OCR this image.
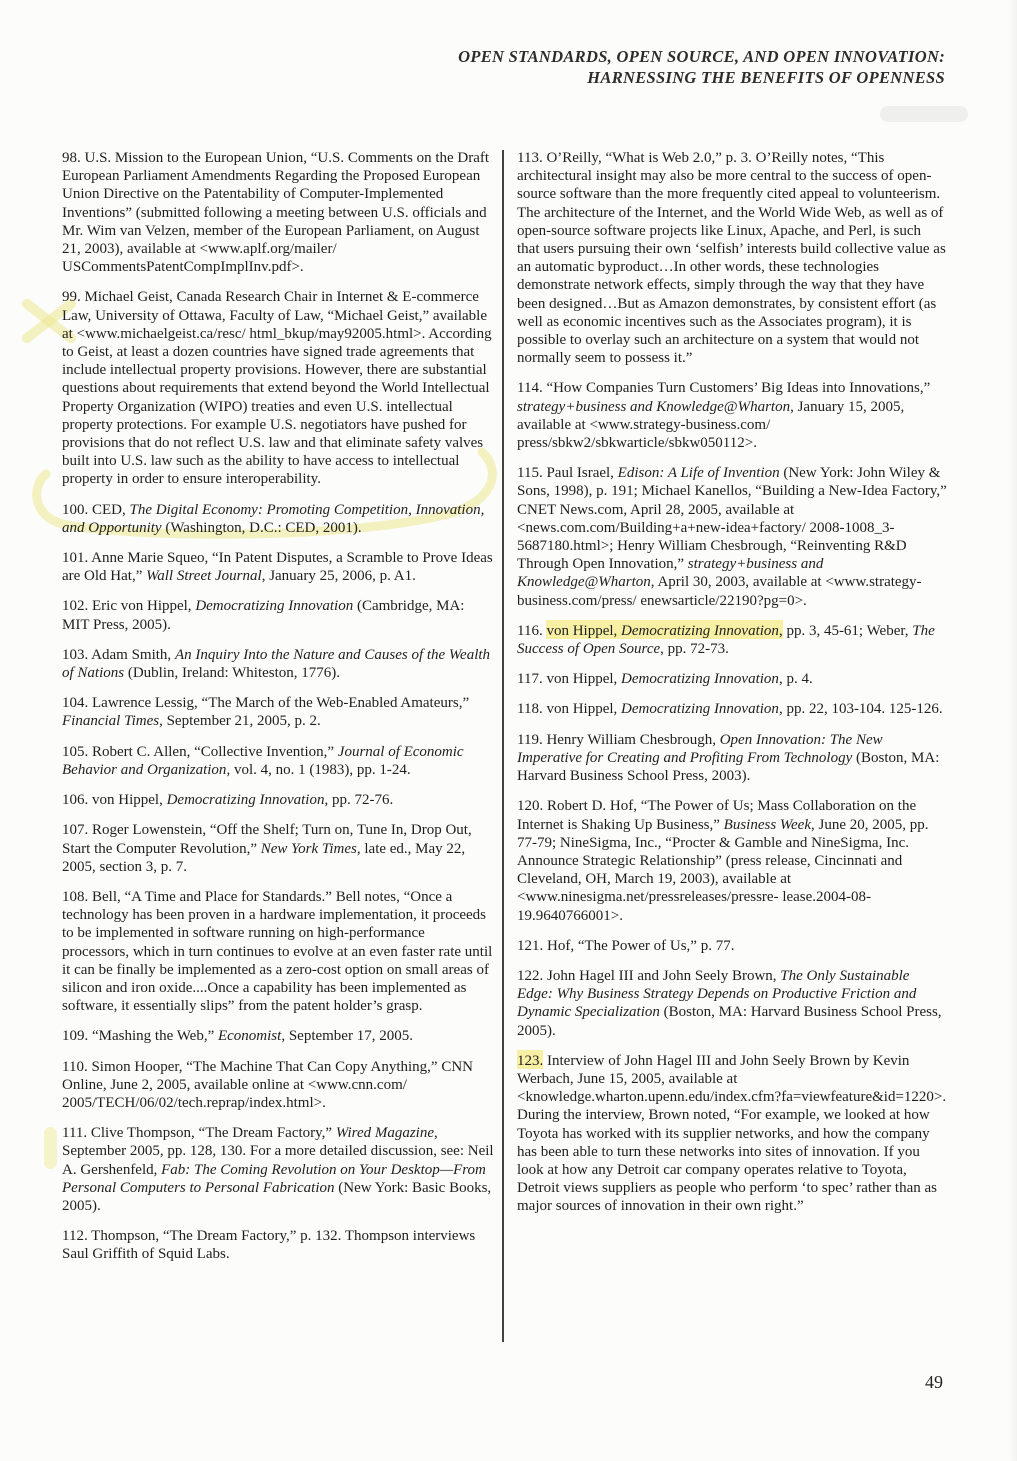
OPEN STANDARDS, OPEN SOURCE, AND OPEN INNOVATION:
HARNESSING THE BENEFITS OF OPENNESS
98. U.S. Mission to the European Union, “U.S. Comments on the Draft European Parliament Amendments Regarding the Proposed European Union Directive on the Patentability of Computer-Implemented Inventions” (submitted following a meeting between U.S. officials and Mr. Wim van Velzen, member of the European Parliament, on August 21, 2003), available at <www.aplf.org/mailer/ USCommentsPatentCompImplInv.pdf>.
99. Michael Geist, Canada Research Chair in Internet & E-commerce Law, University of Ottawa, Faculty of Law, “Michael Geist,” available at <www.michaelgeist.ca/resc/ html_bkup/may92005.html>. According to Geist, at least a dozen countries have signed trade agreements that include intellectual property provisions. However, there are substantial questions about requirements that extend beyond the World Intellectual Property Organization (WIPO) treaties and even U.S. intellectual property protections. For example U.S. negotiators have pushed for provisions that do not reflect U.S. law and that eliminate safety valves built into U.S. law such as the ability to have access to intellectual property in order to ensure interoperability.
100. CED, The Digital Economy: Promoting Competition, Innovation, and Opportunity (Washington, D.C.: CED, 2001).
101. Anne Marie Squeo, “In Patent Disputes, a Scramble to Prove Ideas are Old Hat,” Wall Street Journal, January 25, 2006, p. A1.
102. Eric von Hippel, Democratizing Innovation (Cambridge, MA: MIT Press, 2005).
103. Adam Smith, An Inquiry Into the Nature and Causes of the Wealth of Nations (Dublin, Ireland: Whiteston, 1776).
104. Lawrence Lessig, “The March of the Web-Enabled Amateurs,” Financial Times, September 21, 2005, p. 2.
105. Robert C. Allen, “Collective Invention,” Journal of Economic Behavior and Organization, vol. 4, no. 1 (1983), pp. 1-24.
106. von Hippel, Democratizing Innovation, pp. 72-76.
107. Roger Lowenstein, “Off the Shelf; Turn on, Tune In, Drop Out, Start the Computer Revolution,” New York Times, late ed., May 22, 2005, section 3, p. 7.
108. Bell, “A Time and Place for Standards.” Bell notes, “Once a technology has been proven in a hardware implementation, it proceeds to be implemented in software running on high-performance processors, which in turn continues to evolve at an even faster rate until it can be finally be implemented as a zero-cost option on small areas of silicon and iron oxide....Once a capability has been implemented as software, it essentially slips” from the patent holder’s grasp.
109. “Mashing the Web,” Economist, September 17, 2005.
110. Simon Hooper, “The Machine That Can Copy Anything,” CNN Online, June 2, 2005, available online at <www.cnn.com/ 2005/TECH/06/02/tech.reprap/index.html>.
111. Clive Thompson, “The Dream Factory,” Wired Magazine, September 2005, pp. 128, 130. For a more detailed discussion, see: Neil A. Gershenfeld, Fab: The Coming Revolution on Your Desktop—From Personal Computers to Personal Fabrication (New York: Basic Books, 2005).
112. Thompson, “The Dream Factory,” p. 132. Thompson interviews Saul Griffith of Squid Labs.
113. O’Reilly, “What is Web 2.0,” p. 3. O’Reilly notes, “This architectural insight may also be more central to the success of open-source software than the more frequently cited appeal to volunteerism. The architecture of the Internet, and the World Wide Web, as well as of open-source software projects like Linux, Apache, and Perl, is such that users pursuing their own ‘selfish’ interests build collective value as an automatic byproduct…In other words, these technologies demonstrate network effects, simply through the way that they have been designed…But as Amazon demonstrates, by consistent effort (as well as economic incentives such as the Associates program), it is possible to overlay such an architecture on a system that would not normally seem to possess it.”
114. “How Companies Turn Customers’ Big Ideas into Innovations,” strategy+business and Knowledge@Wharton, January 15, 2005, available at <www.strategy-business.com/ press/sbkw2/sbkwarticle/sbkw050112>.
115. Paul Israel, Edison: A Life of Invention (New York: John Wiley & Sons, 1998), p. 191; Michael Kanellos, “Building a New-Idea Factory,” CNET News.com, April 28, 2005, available at <news.com.com/Building+a+new-idea+factory/ 2008-1008_3-5687180.html>; Henry William Chesbrough, “Reinventing R&D Through Open Innovation,” strategy+business and Knowledge@Wharton, April 30, 2003, available at <www.strategy-business.com/press/ enewsarticle/22190?pg=0>.
116. von Hippel, Democratizing Innovation, pp. 3, 45-61; Weber, The Success of Open Source, pp. 72-73.
117. von Hippel, Democratizing Innovation, p. 4.
118. von Hippel, Democratizing Innovation, pp. 22, 103-104. 125-126.
119. Henry William Chesbrough, Open Innovation: The New Imperative for Creating and Profiting From Technology (Boston, MA: Harvard Business School Press, 2003).
120. Robert D. Hof, “The Power of Us; Mass Collaboration on the Internet is Shaking Up Business,” Business Week, June 20, 2005, pp. 77-79; NineSigma, Inc., “Procter & Gamble and NineSigma, Inc. Announce Strategic Relationship” (press release, Cincinnati and Cleveland, OH, March 19, 2003), available at <www.ninesigma.net/pressreleases/pressre- lease.2004-08-19.9640766001>.
121. Hof, “The Power of Us,” p. 77.
122. John Hagel III and John Seely Brown, The Only Sustainable Edge: Why Business Strategy Depends on Productive Friction and Dynamic Specialization (Boston, MA: Harvard Business School Press, 2005).
123. Interview of John Hagel III and John Seely Brown by Kevin Werbach, June 15, 2005, available at <knowledge.wharton.upenn.edu/index.cfm?fa=viewfeature&id=1220>. During the interview, Brown noted, “For example, we looked at how Toyota has worked with its supplier networks, and how the company has been able to turn these networks into sites of innovation. If you look at how any Detroit car company operates relative to Toyota, Detroit views suppliers as people who perform ‘to spec’ rather than as major sources of innovation in their own right.”
49
